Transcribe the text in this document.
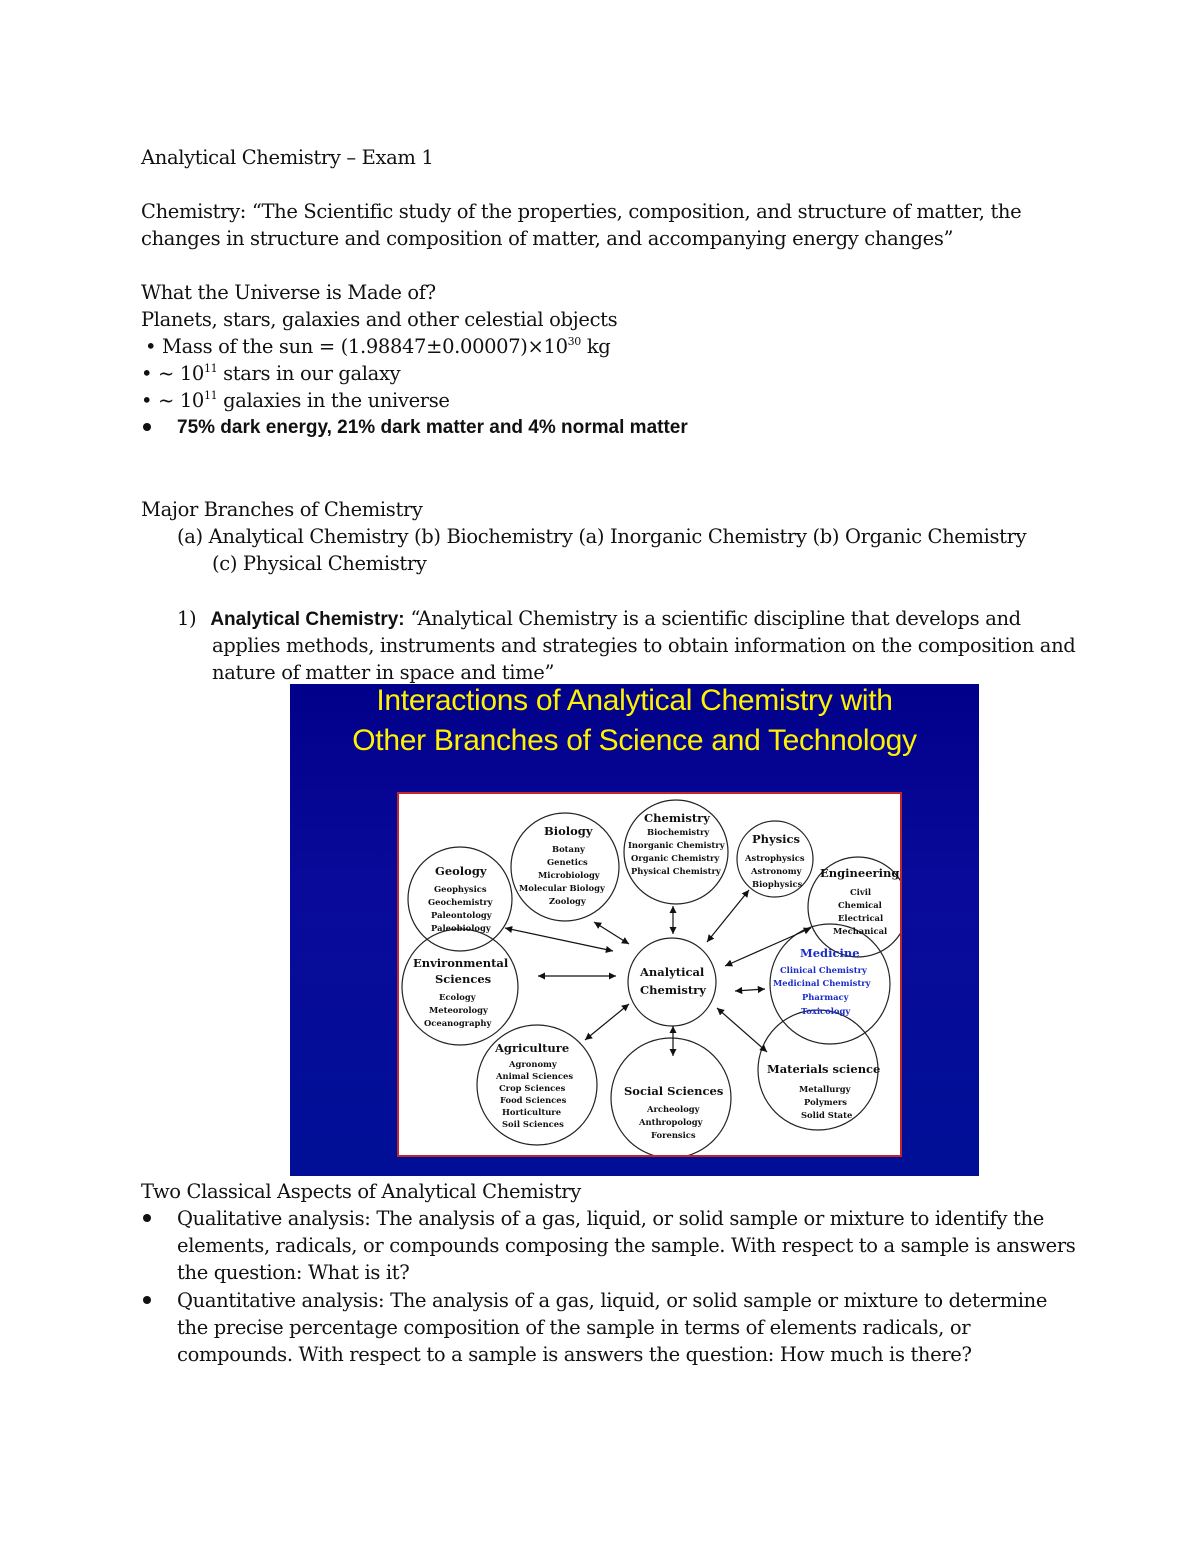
Analytical Chemistry – Exam 1
Chemistry: “The Scientific study of the properties, composition, and structure of matter, the
changes in structure and composition of matter, and accompanying energy changes”
What the Universe is Made of?
Planets, stars, galaxies and other celestial objects
• Mass of the sun = $(1.98847\pm 0.00007)\times 10^{30}$ kg
• ~ $10^{11}$ stars in our galaxy
• ~ $10^{11}$ galaxies in the universe
75% dark energy, 21% dark matter and 4% normal matter
Major Branches of Chemistry
(a) Analytical Chemistry (b) Biochemistry (a) Inorganic Chemistry (b) Organic Chemistry
(c) Physical Chemistry
1) Analytical Chemistry: “Analytical Chemistry is a scientific discipline that develops and
applies methods, instruments and strategies to obtain information on the composition and
nature of matter in space and time”
Interactions of Analytical Chemistry with
Other Branches of Science and Technology
Analytical
Chemistry
Chemistry
Biochemistry
Inorganic Chemistry
Organic Chemistry
Physical Chemistry
Biology
Botany
Genetics
Microbiology
Molecular Biology
Zoology
Physics
Astrophysics
Astronomy
Biophysics
Geology
Geophysics
Geochemistry
Paleontology
Paleobiology
Engineering
Civil
Chemical
Electrical
Mechanical
Environmental
Sciences
Ecology
Meteorology
Oceanography
Medicine
Clinical Chemistry
Medicinal Chemistry
Pharmacy
Toxicology
Agriculture
Agronomy
Animal Sciences
Crop Sciences
Food Sciences
Horticulture
Soil Sciences
Social Sciences
Archeology
Anthropology
Forensics
Materials science
Metallurgy
Polymers
Solid State
Two Classical Aspects of Analytical Chemistry
Qualitative analysis: The analysis of a gas, liquid, or solid sample or mixture to identify the
elements, radicals, or compounds composing the sample. With respect to a sample is answers
the question: What is it?
Quantitative analysis: The analysis of a gas, liquid, or solid sample or mixture to determine
the precise percentage composition of the sample in terms of elements radicals, or
compounds. With respect to a sample is answers the question: How much is there?
